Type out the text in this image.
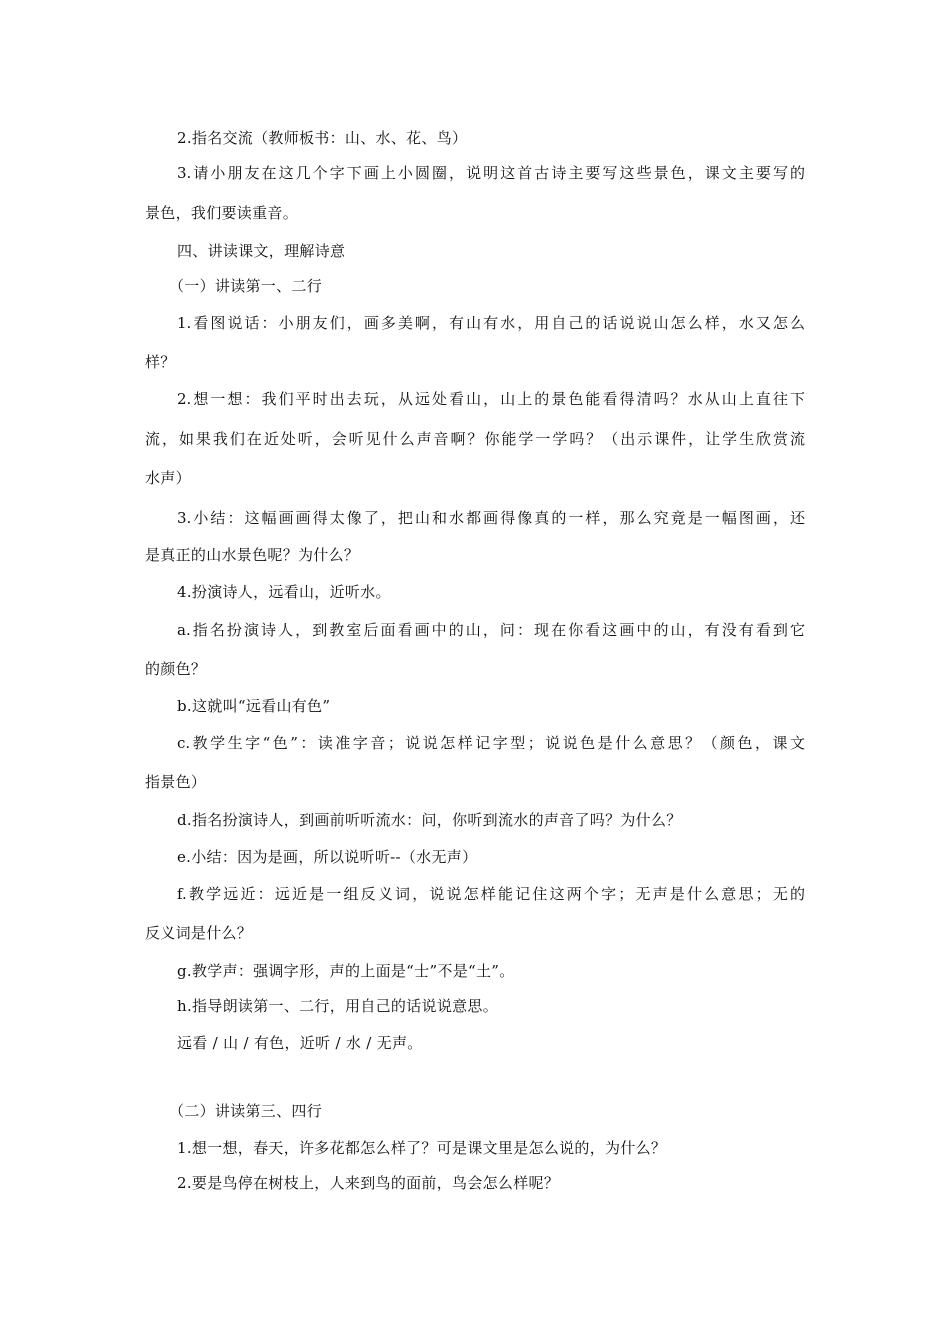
2.指名交流（教师板书：山、水、花、鸟）
3.请小朋友在这几个字下画上小圆圈，说明这首古诗主要写这些景色，课文主要写的
景色，我们要读重音。
四、讲读课文，理解诗意
（一）讲读第一、二行
1.看图说话：小朋友们，画多美啊，有山有水，用自己的话说说山怎么样，水又怎么
样？
2.想一想：我们平时出去玩，从远处看山，山上的景色能看得清吗？水从山上直往下
流，如果我们在近处听，会听见什么声音啊？你能学一学吗？（出示课件，让学生欣赏流
水声）
3.小结：这幅画画得太像了，把山和水都画得像真的一样，那么究竟是一幅图画，还
是真正的山水景色呢？为什么？
4.扮演诗人，远看山，近听水。
a.指名扮演诗人，到教室后面看画中的山，问：现在你看这画中的山，有没有看到它
的颜色？
b.这就叫“远看山有色”
c.教学生字“色”：读准字音；说说怎样记字型；说说色是什么意思？（颜色，课文
指景色）
d.指名扮演诗人，到画前听听流水：问，你听到流水的声音了吗？为什么？
e.小结：因为是画，所以说听听--（水无声）
f.教学远近：远近是一组反义词，说说怎样能记住这两个字；无声是什么意思；无的
反义词是什么？
g.教学声：强调字形，声的上面是“士”不是“土”。
h.指导朗读第一、二行，用自己的话说说意思。
远看 / 山 / 有色，近听 / 水 / 无声。
（二）讲读第三、四行
1.想一想，春天，许多花都怎么样了？可是课文里是怎么说的，为什么？
2.要是鸟停在树枝上，人来到鸟的面前，鸟会怎么样呢？
